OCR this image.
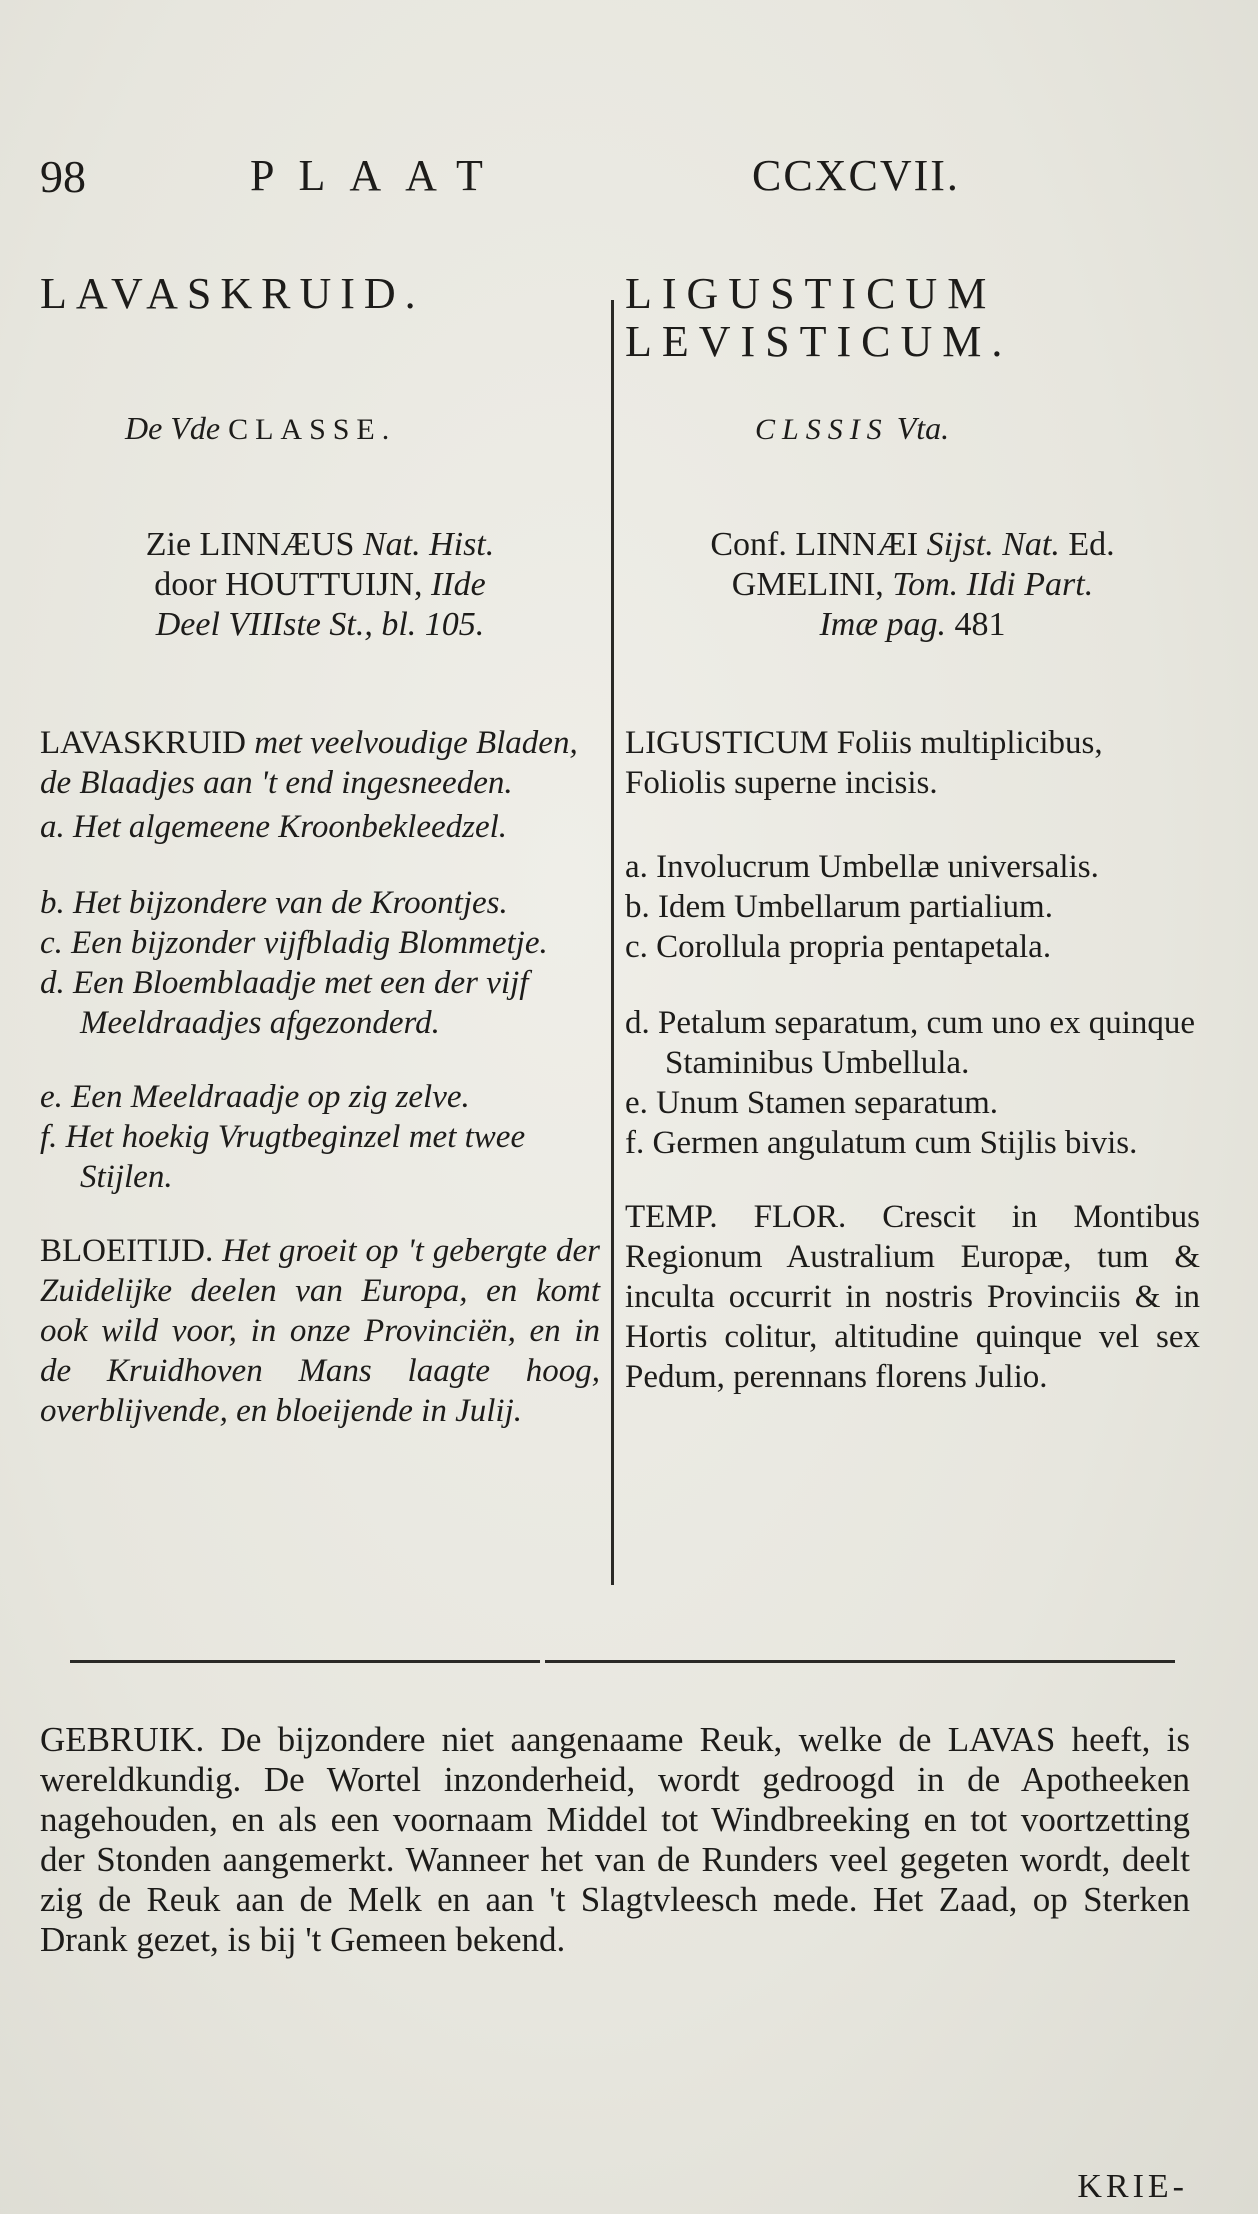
98	PLAAT	CCXCVII.
LAVASKRUID.
De Vde CLASSE.
Zie LINNÆUS Nat. Hist.
door HOUTTUIJN, IIde
Deel VIIIste St., bl. 105.
LAVASKRUID met veelvoudige Bladen, de Blaadjes aan 't end ingesneeden.
a. Het algemeene Kroonbekleedzel.
b. Het bijzondere van de Kroontjes.
c. Een bijzonder vijfbladig Blommetje.
d. Een Bloemblaadje met een der vijf Meeldraadjes afgezonderd.
e. Een Meeldraadje op zig zelve.
f. Het hoekig Vrugtbeginzel met twee Stijlen.
BLOEITIJD. Het groeit op 't gebergte der Zuidelijke deelen van Europa, en komt ook wild voor, in onze Provinciën, en in de Kruidhoven Mans laagte hoog, overblijvende, en bloeijende in Julij.
LIGUSTICUM
LEVISTICUM.
CLSSIS Vta.
Conf. LINNÆI Sijst. Nat. Ed.
GMELINI, Tom. IIdi Part.
Imæ pag. 481
LIGUSTICUM Foliis multiplicibus, Foliolis superne incisis.
a. Involucrum Umbellæ universalis.
b. Idem Umbellarum partialium.
c. Corollula propria pentapetala.
d. Petalum separatum, cum uno ex quinque Staminibus Umbellula.
e. Unum Stamen separatum.
f. Germen angulatum cum Stijlis bivis.
TEMP. FLOR. Crescit in Montibus Regionum Australium Europæ, tum & inculta occurrit in nostris Provinciis & in Hortis colitur, altitudine quinque vel sex Pedum, perennans florens Julio.
GEBRUIK. De bijzondere niet aangenaame Reuk, welke de LAVAS heeft, is wereldkundig. De Wortel inzonderheid, wordt gedroogd in de Apotheeken nagehouden, en als een voornaam Middel tot Windbreeking en tot voortzetting der Stonden aangemerkt. Wanneer het van de Runders veel gegeten wordt, deelt zig de Reuk aan de Melk en aan 't Slagtvleesch mede. Het Zaad, op Sterken Drank gezet, is bij 't Gemeen bekend.
KRIE-
